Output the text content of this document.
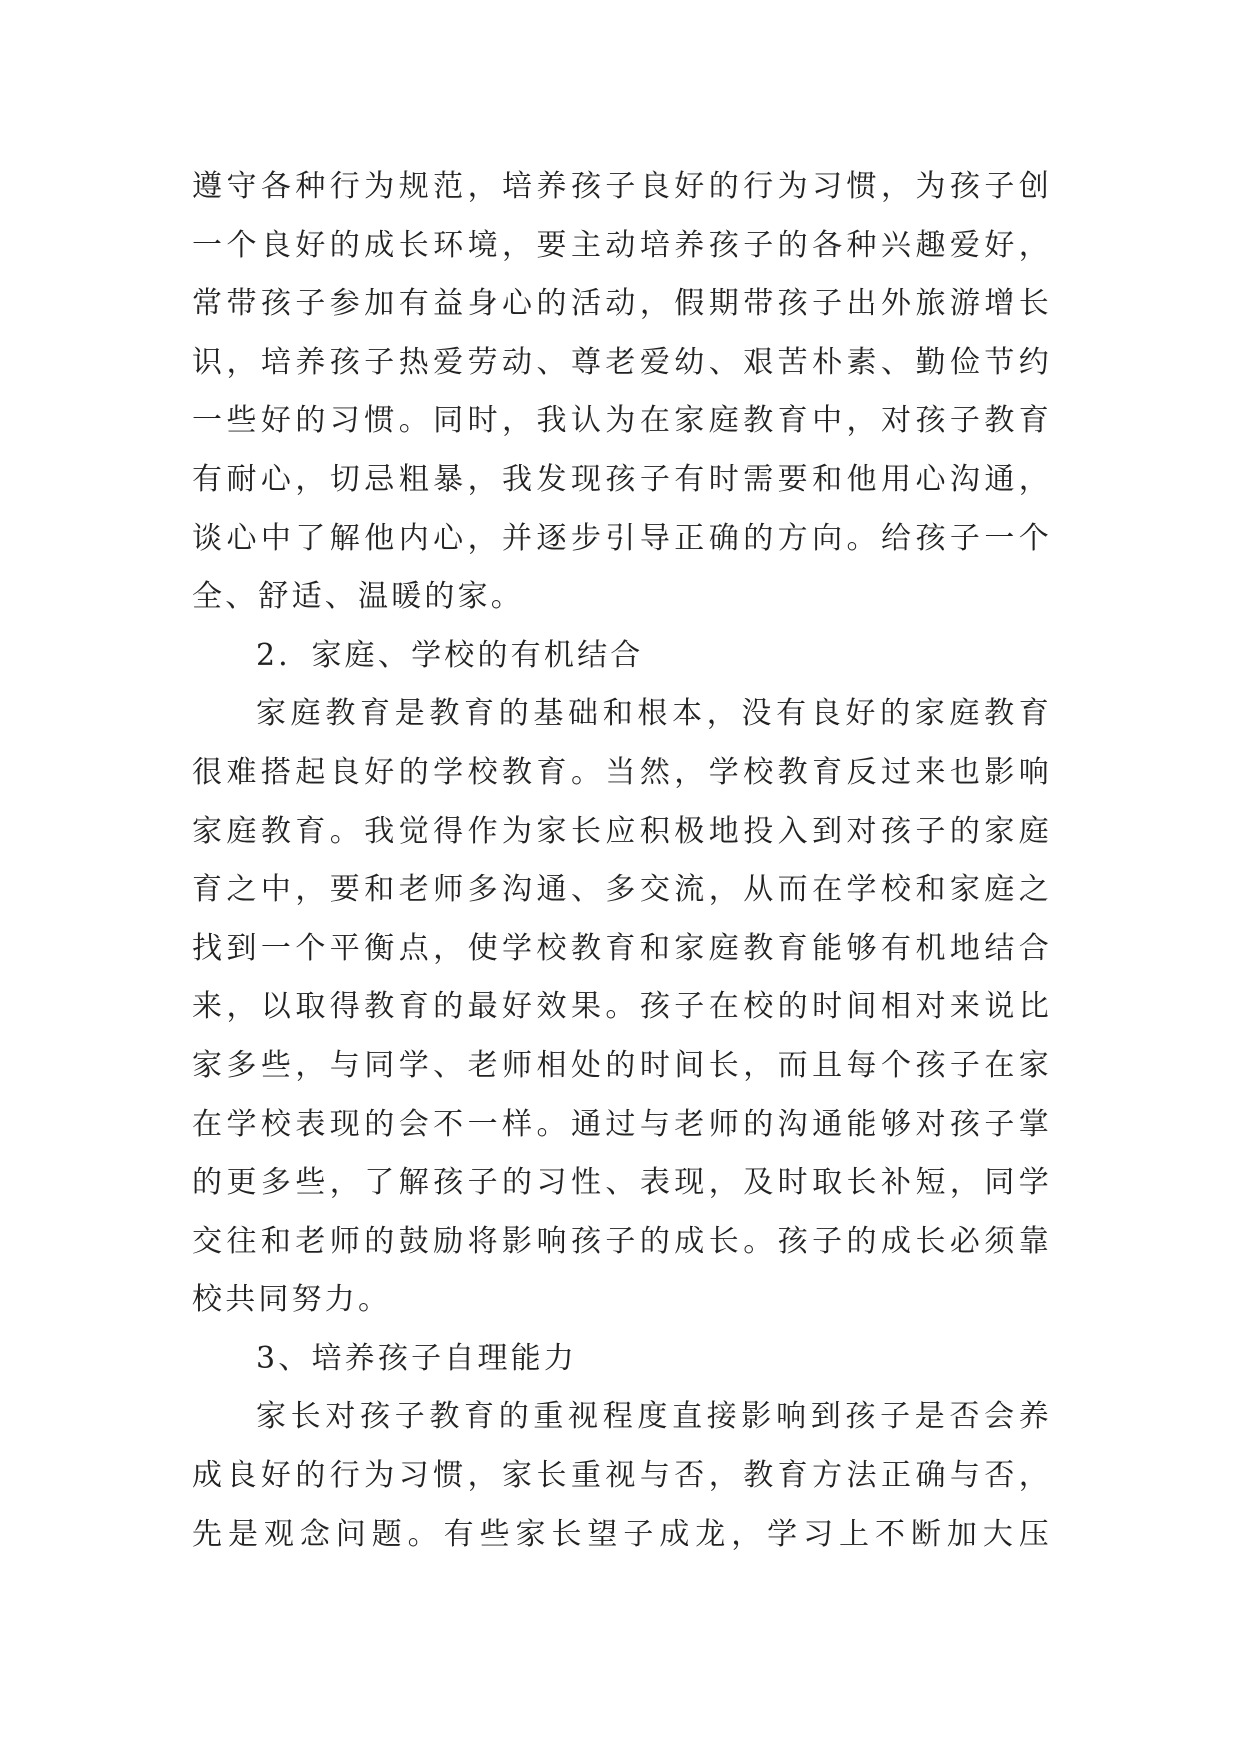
遵守各种行为规范，培养孩子良好的行为习惯，为孩子创
一个良好的成长环境，要主动培养孩子的各种兴趣爱好，
常带孩子参加有益身心的活动，假期带孩子出外旅游增长
识，培养孩子热爱劳动、尊老爱幼、艰苦朴素、勤俭节约
一些好的习惯。同时，我认为在家庭教育中，对孩子教育
有耐心，切忌粗暴，我发现孩子有时需要和他用心沟通，
谈心中了解他内心，并逐步引导正确的方向。给孩子一个
全、舒适、温暖的家。
2．家庭、学校的有机结合
家庭教育是教育的基础和根本，没有良好的家庭教育
很难搭起良好的学校教育。当然，学校教育反过来也影响
家庭教育。我觉得作为家长应积极地投入到对孩子的家庭
育之中，要和老师多沟通、多交流，从而在学校和家庭之
找到一个平衡点，使学校教育和家庭教育能够有机地结合
来，以取得教育的最好效果。孩子在校的时间相对来说比
家多些，与同学、老师相处的时间长，而且每个孩子在家
在学校表现的会不一样。通过与老师的沟通能够对孩子掌
的更多些，了解孩子的习性、表现，及时取长补短，同学
交往和老师的鼓励将影响孩子的成长。孩子的成长必须靠
校共同努力。
3、培养孩子自理能力
家长对孩子教育的重视程度直接影响到孩子是否会养
成良好的行为习惯，家长重视与否，教育方法正确与否，
先是观念问题。有些家长望子成龙，学习上不断加大压
